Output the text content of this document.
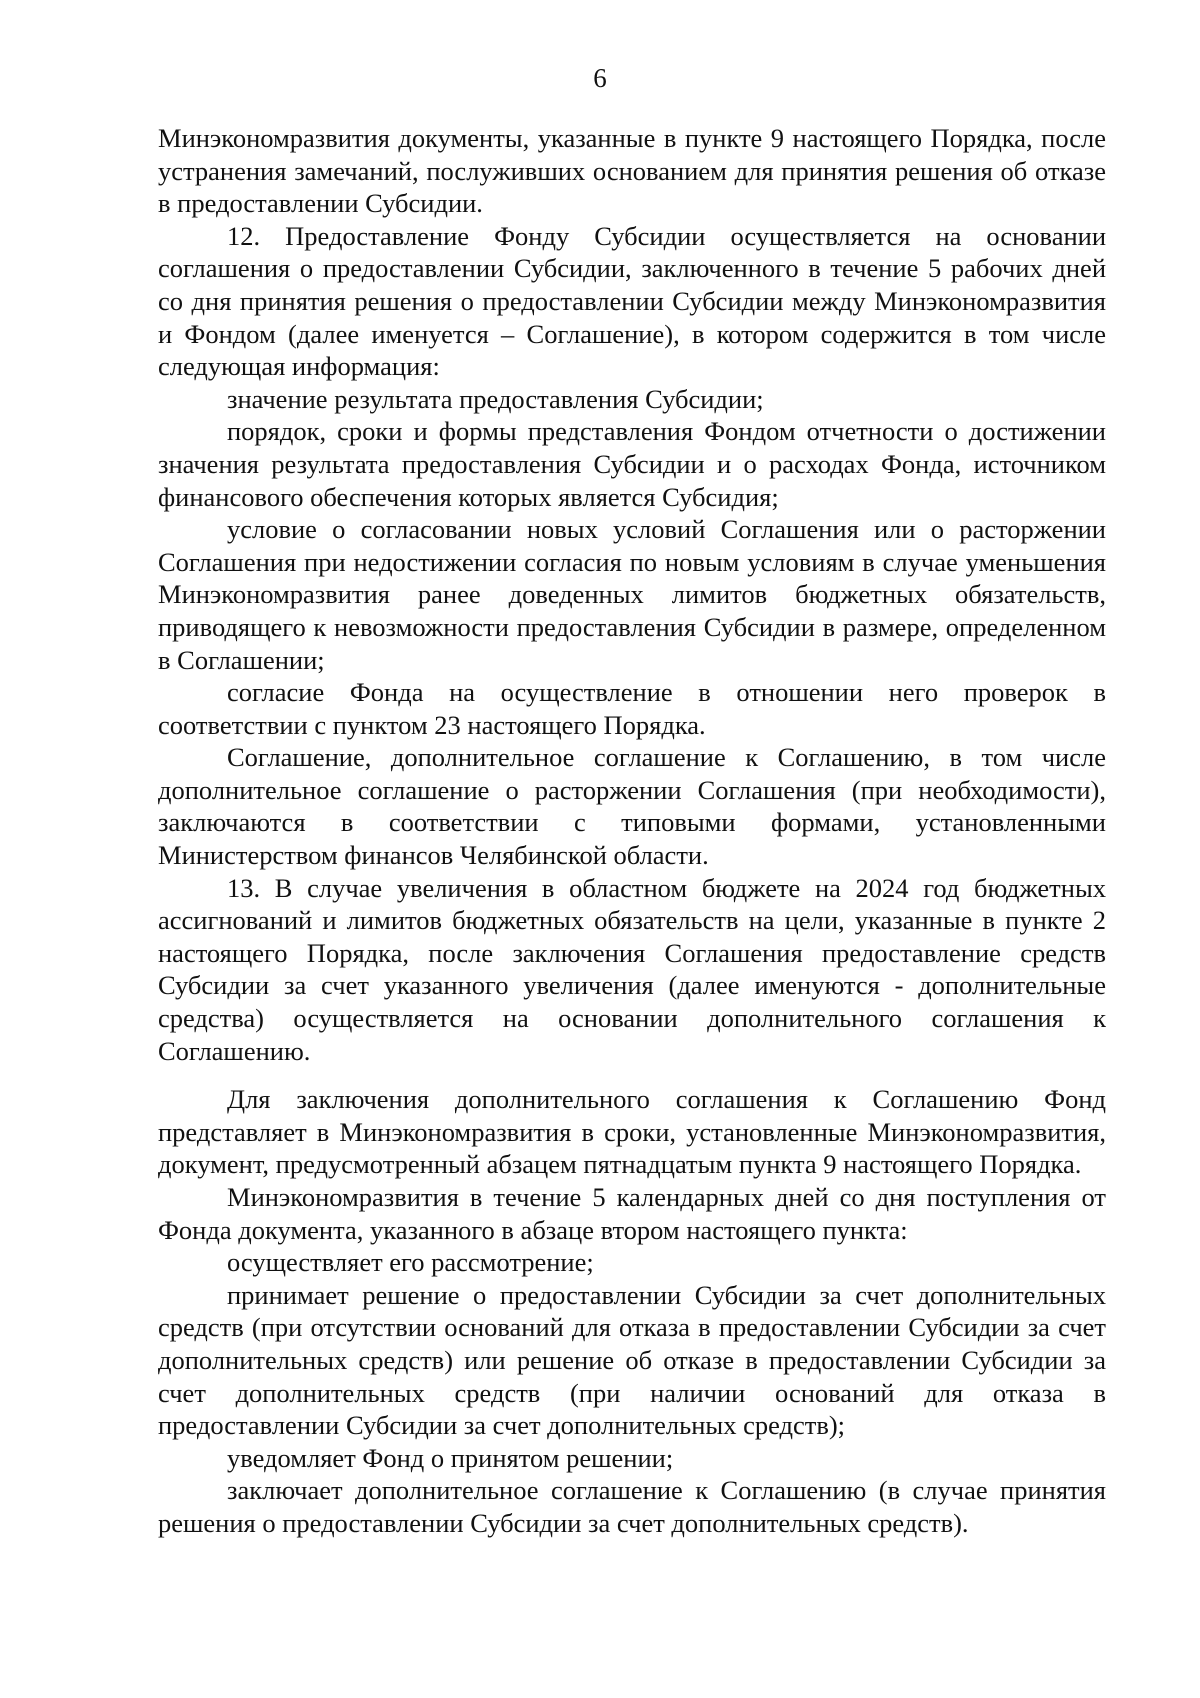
6

Минэкономразвития документы, указанные в пункте 9 настоящего Порядка, после устранения замечаний, послуживших основанием для принятия решения об отказе в предоставлении Субсидии.

12. Предоставление Фонду Субсидии осуществляется на основании соглашения о предоставлении Субсидии, заключенного в течение 5 рабочих дней со дня принятия решения о предоставлении Субсидии между Минэкономразвития и Фондом (далее именуется – Соглашение), в котором содержится в том числе следующая информация:

значение результата предоставления Субсидии;

порядок, сроки и формы представления Фондом отчетности о достижении значения результата предоставления Субсидии и о расходах Фонда, источником финансового обеспечения которых является Субсидия;

условие о согласовании новых условий Соглашения или о расторжении Соглашения при недостижении согласия по новым условиям в случае уменьшения Минэкономразвития ранее доведенных лимитов бюджетных обязательств, приводящего к невозможности предоставления Субсидии в размере, определенном в Соглашении;

согласие Фонда на осуществление в отношении него проверок в соответствии с пунктом 23 настоящего Порядка.

Соглашение, дополнительное соглашение к Соглашению, в том числе дополнительное соглашение о расторжении Соглашения (при необходимости), заключаются в соответствии с типовыми формами, установленными Министерством финансов Челябинской области.

13. В случае увеличения в областном бюджете на 2024 год бюджетных ассигнований и лимитов бюджетных обязательств на цели, указанные в пункте 2 настоящего Порядка, после заключения Соглашения предоставление средств Субсидии за счет указанного увеличения (далее именуются - дополнительные средства) осуществляется на основании дополнительного соглашения к Соглашению.

Для заключения дополнительного соглашения к Соглашению Фонд представляет в Минэкономразвития в сроки, установленные Минэкономразвития, документ, предусмотренный абзацем пятнадцатым пункта 9 настоящего Порядка.

Минэкономразвития в течение 5 календарных дней со дня поступления от Фонда документа, указанного в абзаце втором настоящего пункта:

осуществляет его рассмотрение;

принимает решение о предоставлении Субсидии за счет дополнительных средств (при отсутствии оснований для отказа в предоставлении Субсидии за счет дополнительных средств) или решение об отказе в предоставлении Субсидии за счет дополнительных средств (при наличии оснований для отказа в предоставлении Субсидии за счет дополнительных средств);

уведомляет Фонд о принятом решении;

заключает дополнительное соглашение к Соглашению (в случае принятия решения о предоставлении Субсидии за счет дополнительных средств).
